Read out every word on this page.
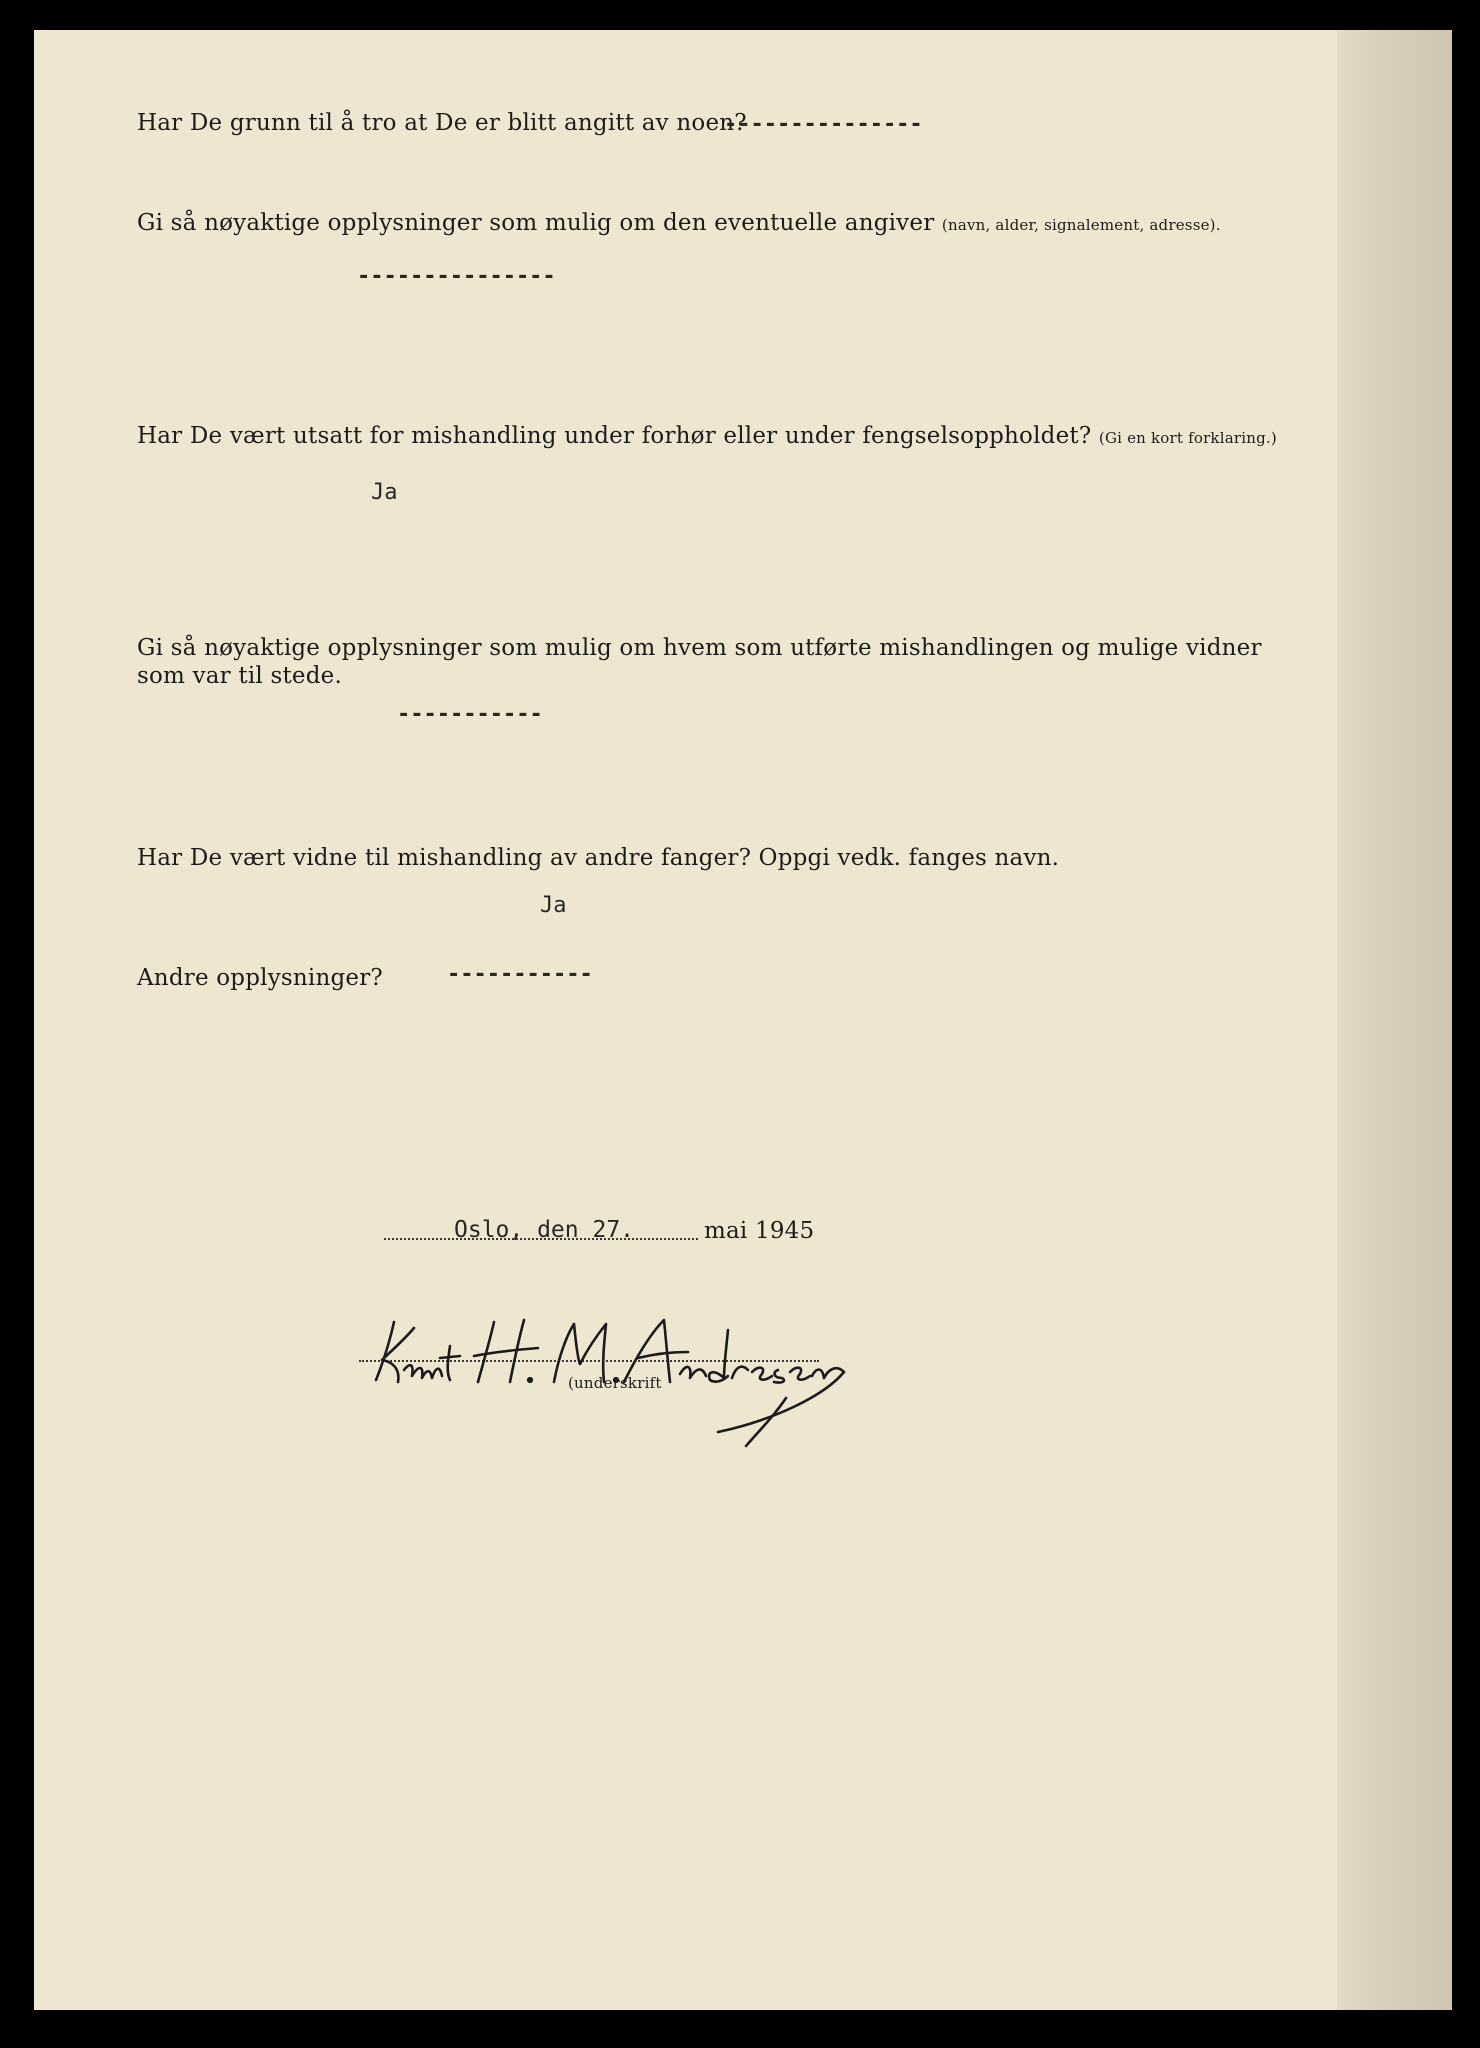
Har De grunn til å tro at De er blitt angitt av noen?
---------------
Gi så nøyaktige opplysninger som mulig om den eventuelle angiver (navn, alder, signalement, adresse).
---------------
Har De vært utsatt for mishandling under forhør eller under fengselsoppholdet? (Gi en kort forklaring.)
Ja
Gi så nøyaktige opplysninger som mulig om hvem som utførte mishandlingen og mulige vidner
som var til stede.
-----------
Har De vært vidne til mishandling av andre fanger? Oppgi vedk. fanges navn.
Ja
Andre opplysninger?	-----------
Oslo, den 27.	mai 1945
(underskrift
